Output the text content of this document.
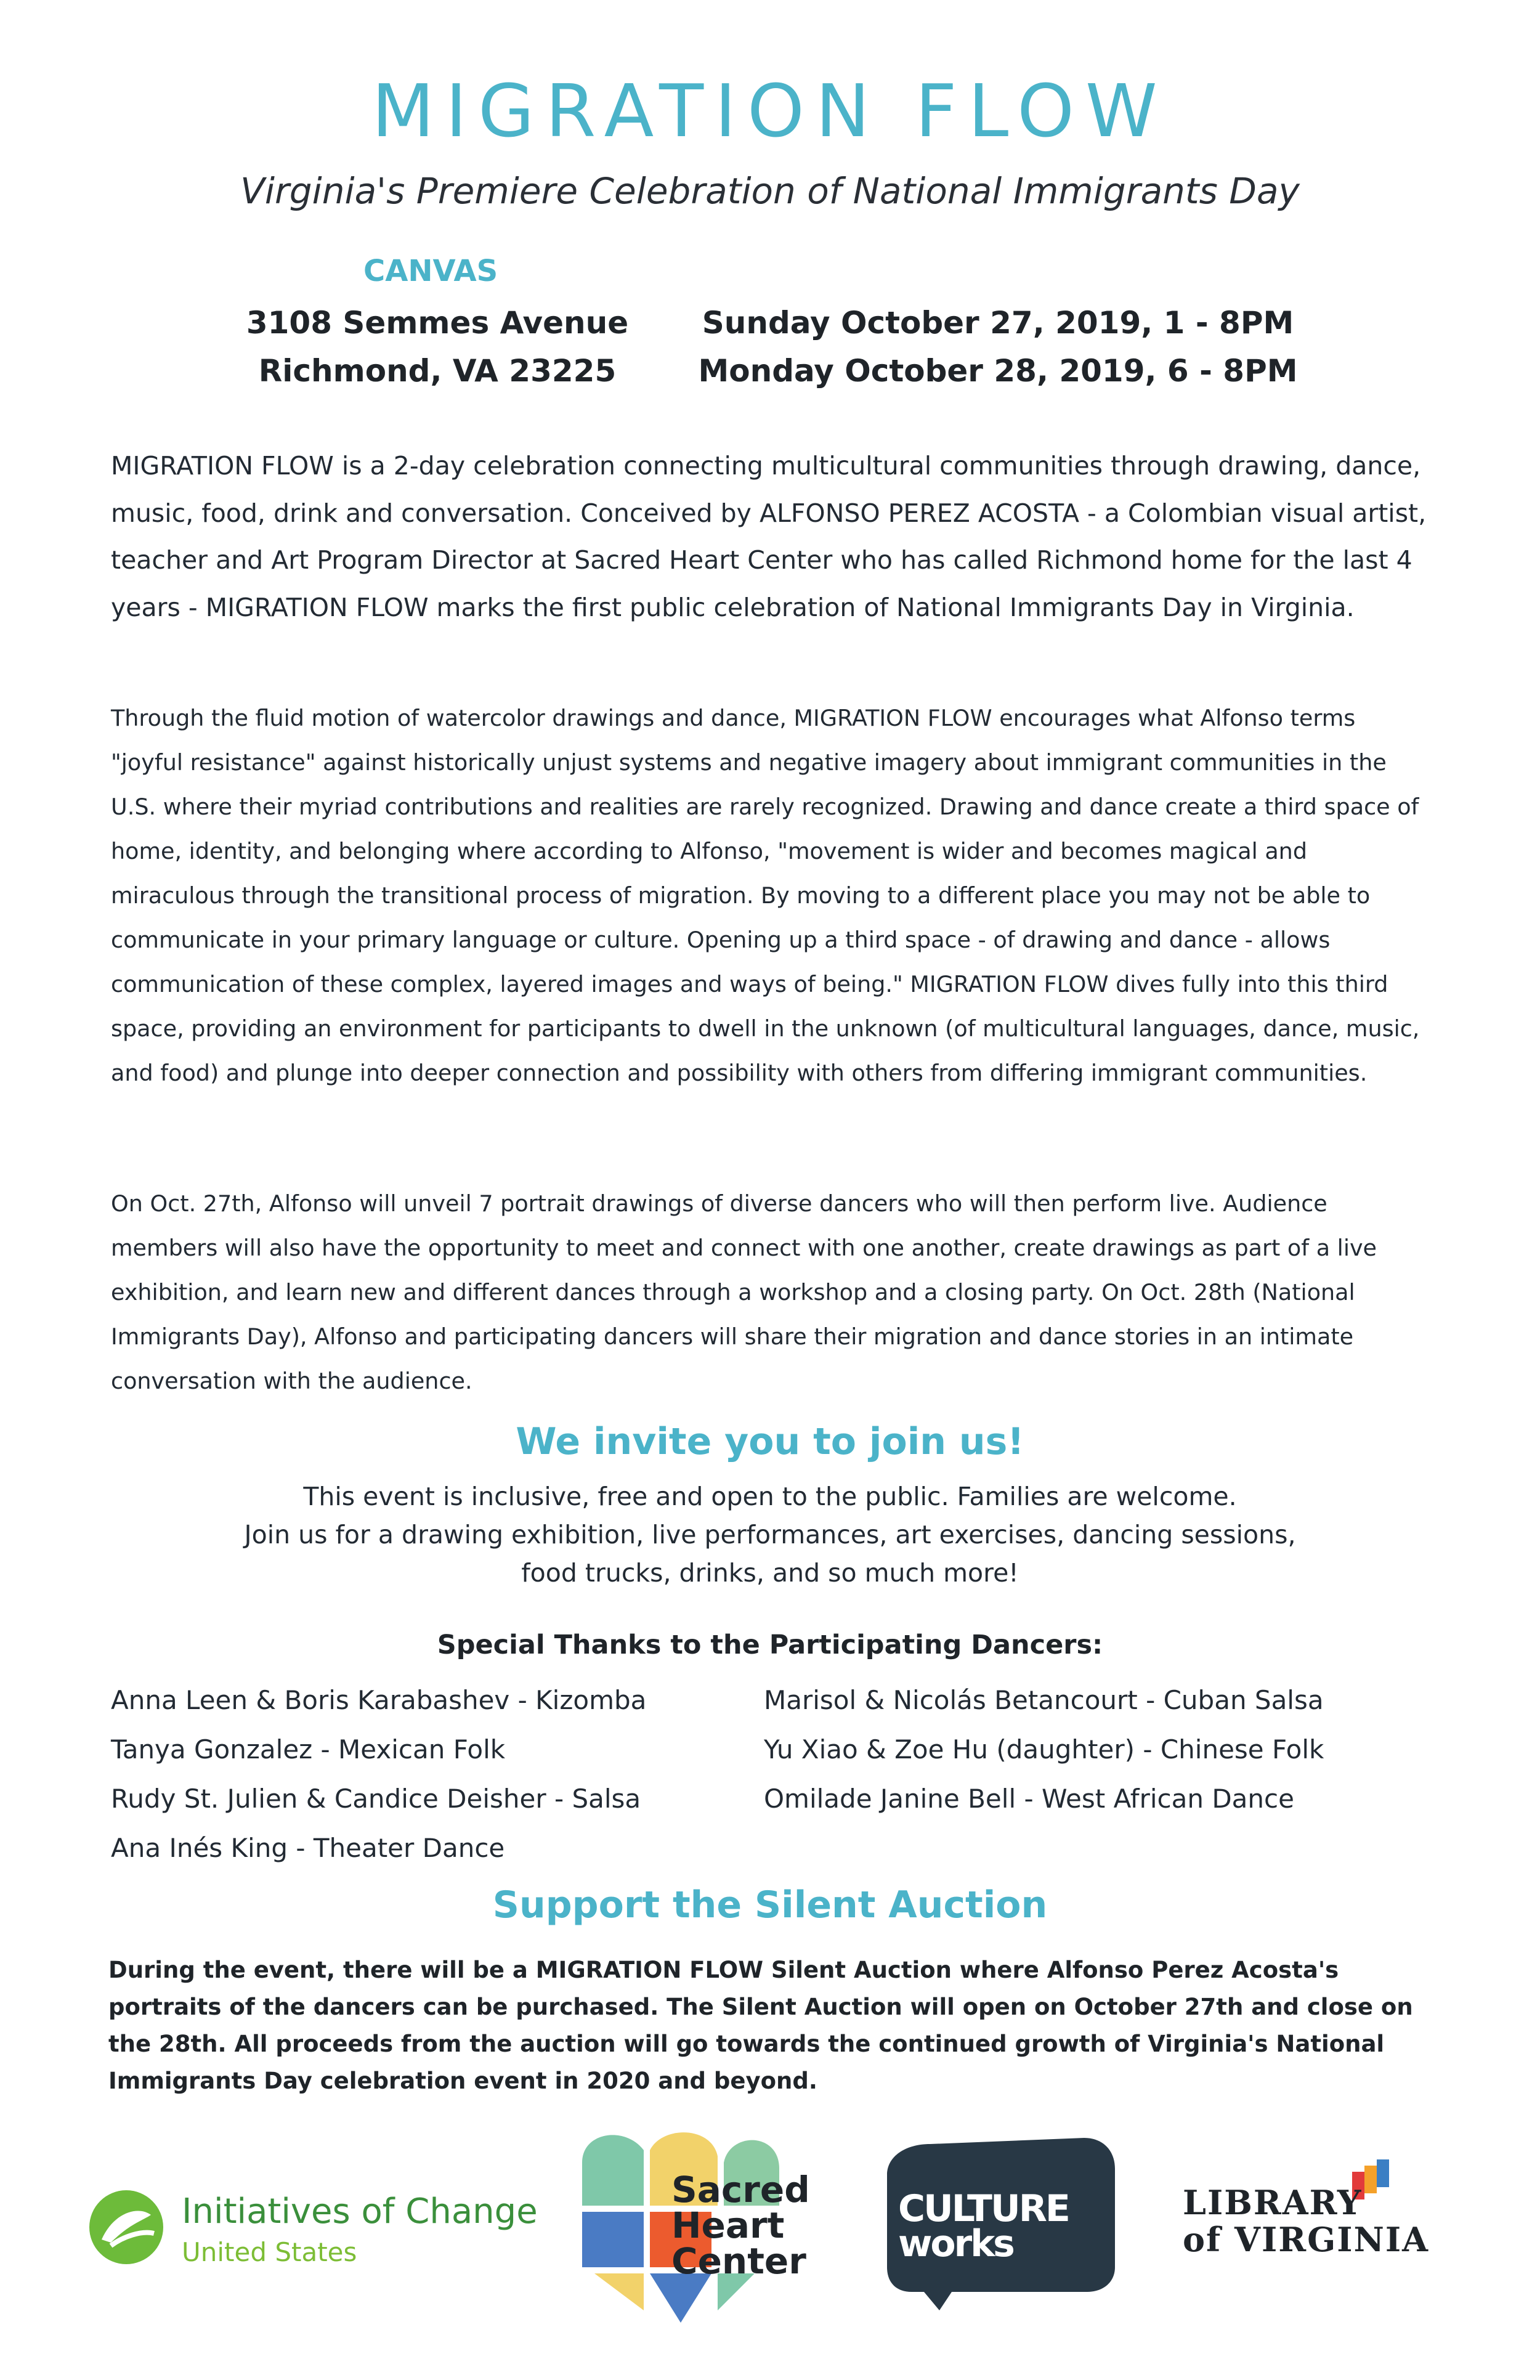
MIGRATION FLOW
Virginia's Premiere Celebration of National Immigrants Day
CANVAS
3108 Semmes Avenue
Richmond, VA 23225
Sunday October 27, 2019, 1 - 8PM
Monday October 28, 2019, 6 - 8PM

MIGRATION FLOW is a 2-day celebration connecting multicultural communities through drawing, dance, music, food, drink and conversation. Conceived by ALFONSO PEREZ ACOSTA - a Colombian visual artist, teacher and Art Program Director at Sacred Heart Center who has called Richmond home for the last 4 years - MIGRATION FLOW marks the first public celebration of National Immigrants Day in Virginia.

Through the fluid motion of watercolor drawings and dance, MIGRATION FLOW encourages what Alfonso terms "joyful resistance" against historically unjust systems and negative imagery about immigrant communities in the U.S. where their myriad contributions and realities are rarely recognized. Drawing and dance create a third space of home, identity, and belonging where according to Alfonso, "movement is wider and becomes magical and miraculous through the transitional process of migration. By moving to a different place you may not be able to communicate in your primary language or culture. Opening up a third space - of drawing and dance - allows communication of these complex, layered images and ways of being." MIGRATION FLOW dives fully into this third space, providing an environment for participants to dwell in the unknown (of multicultural languages, dance, music, and food) and plunge into deeper connection and possibility with others from differing immigrant communities.

On Oct. 27th, Alfonso will unveil 7 portrait drawings of diverse dancers who will then perform live. Audience members will also have the opportunity to meet and connect with one another, create drawings as part of a live exhibition, and learn new and different dances through a workshop and a closing party. On Oct. 28th (National Immigrants Day), Alfonso and participating dancers will share their migration and dance stories in an intimate conversation with the audience.

We invite you to join us!
This event is inclusive, free and open to the public. Families are welcome.
Join us for a drawing exhibition, live performances, art exercises, dancing sessions,
food trucks, drinks, and so much more!
Special Thanks to the Participating Dancers:
Anna Leen & Boris Karabashev - Kizomba
Tanya Gonzalez - Mexican Folk
Rudy St. Julien & Candice Deisher - Salsa
Ana Inés King - Theater Dance
Marisol & Nicolás Betancourt - Cuban Salsa
Yu Xiao & Zoe Hu (daughter) - Chinese Folk
Omilade Janine Bell - West African Dance
Support the Silent Auction

During the event, there will be a MIGRATION FLOW Silent Auction where Alfonso Perez Acosta's portraits of the dancers can be purchased. The Silent Auction will open on October 27th and close on the 28th. All proceeds from the auction will go towards the continued growth of Virginia's National Immigrants Day celebration event in 2020 and beyond.

Initiatives of Change
United States
Sacred
Heart
Center
CULTURE
works
LIBRARY
of VIRGINIA
